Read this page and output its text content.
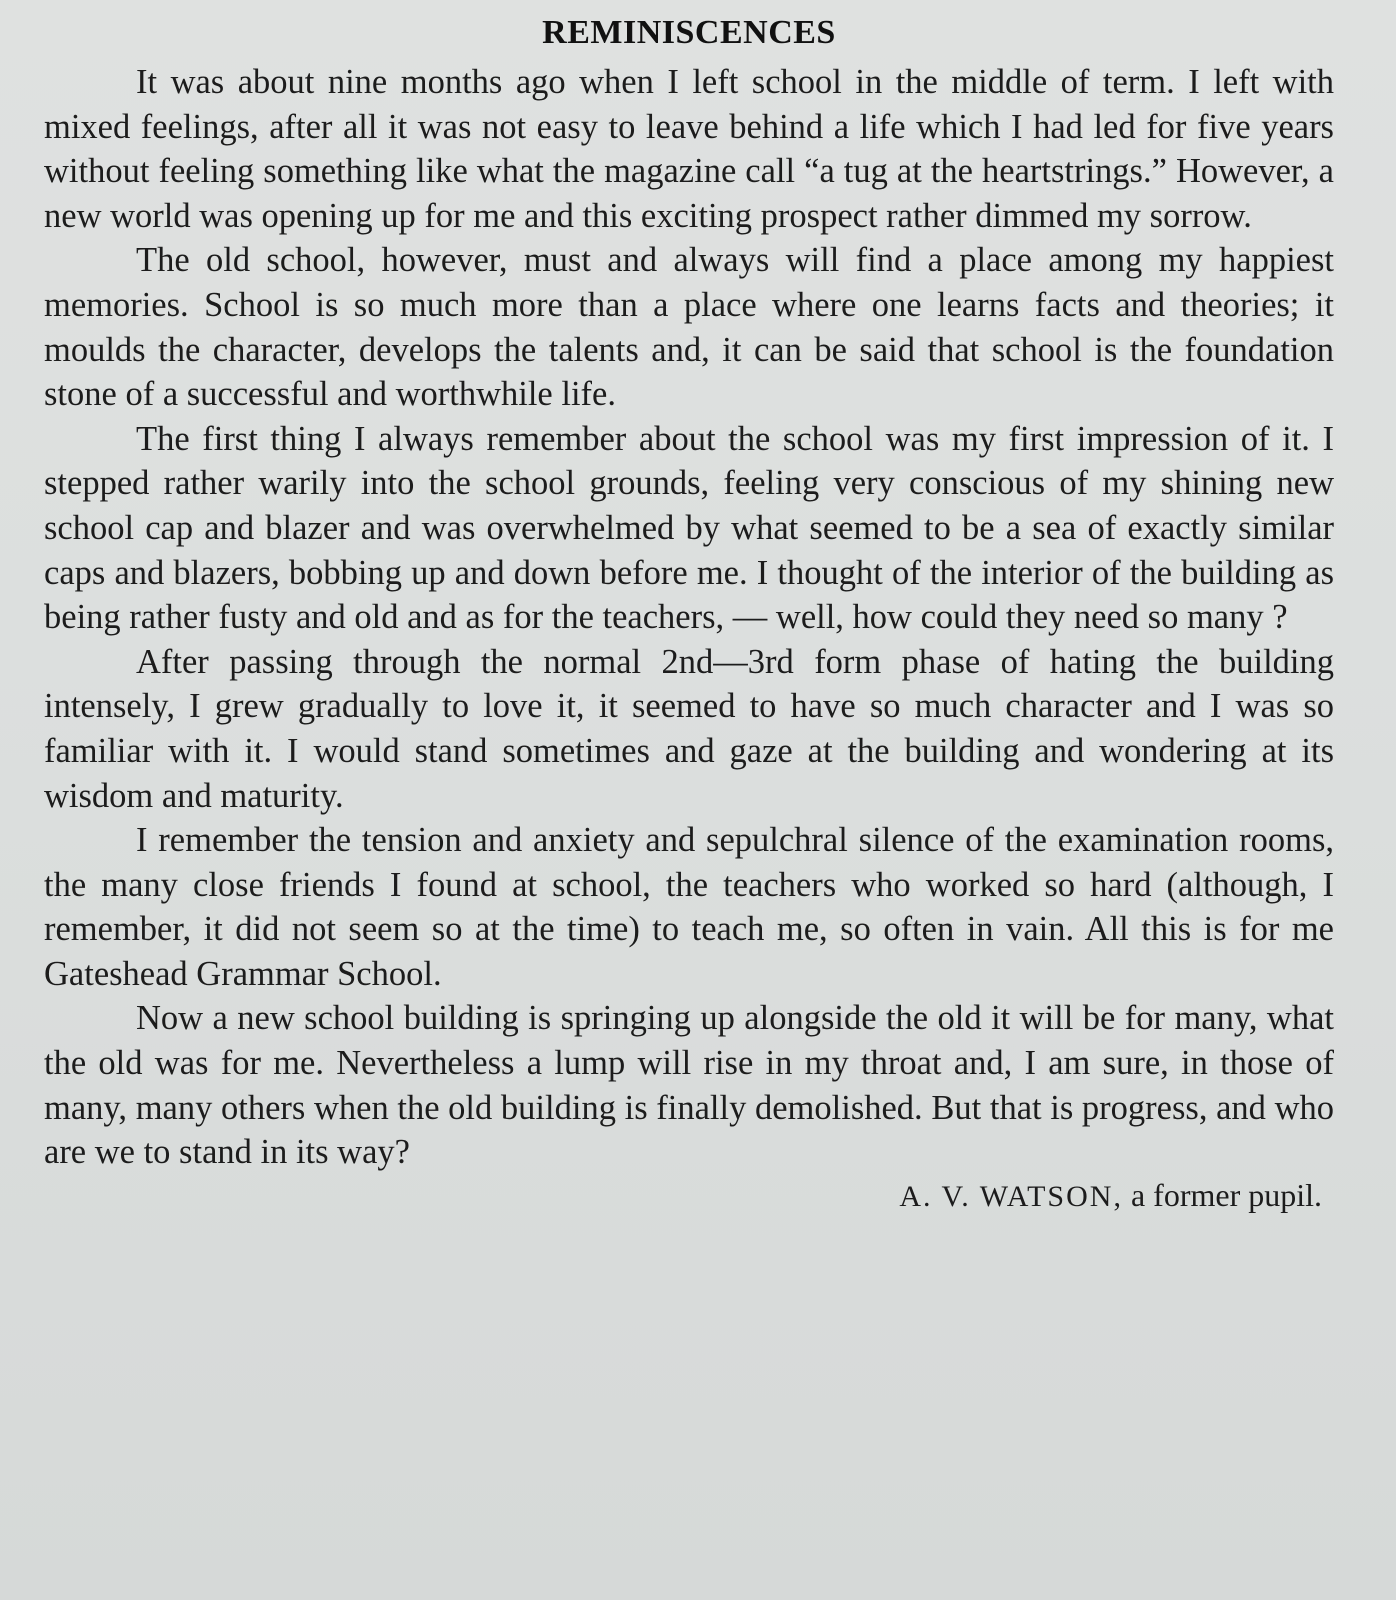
REMINISCENCES

It was about nine months ago when I left school in the middle of term. I left with mixed feelings, after all it was not easy to leave behind a life which I had led for five years without feeling something like what the magazine call “a tug at the heartstrings.” However, a new world was opening up for me and this exciting prospect rather dimmed my sorrow.

The old school, however, must and always will find a place among my happiest memories. School is so much more than a place where one learns facts and theories; it moulds the character, develops the talents and, it can be said that school is the foundation stone of a successful and worthwhile life.

The first thing I always remember about the school was my first impression of it. I stepped rather warily into the school grounds, feeling very conscious of my shining new school cap and blazer and was overwhelmed by what seemed to be a sea of exactly similar caps and blazers, bobbing up and down before me. I thought of the interior of the building as being rather fusty and old and as for the teachers, — well, how could they need so many ?

After passing through the normal 2nd—3rd form phase of hating the building intensely, I grew gradually to love it, it seemed to have so much character and I was so familiar with it. I would stand sometimes and gaze at the building and wondering at its wisdom and maturity.

I remember the tension and anxiety and sepulchral silence of the examination rooms, the many close friends I found at school, the teachers who worked so hard (although, I remember, it did not seem so at the time) to teach me, so often in vain. All this is for me Gateshead Grammar School.

Now a new school building is springing up alongside the old it will be for many, what the old was for me. Nevertheless a lump will rise in my throat and, I am sure, in those of many, many others when the old building is finally demolished. But that is progress, and who are we to stand in its way?

A. V. WATSON, a former pupil.
